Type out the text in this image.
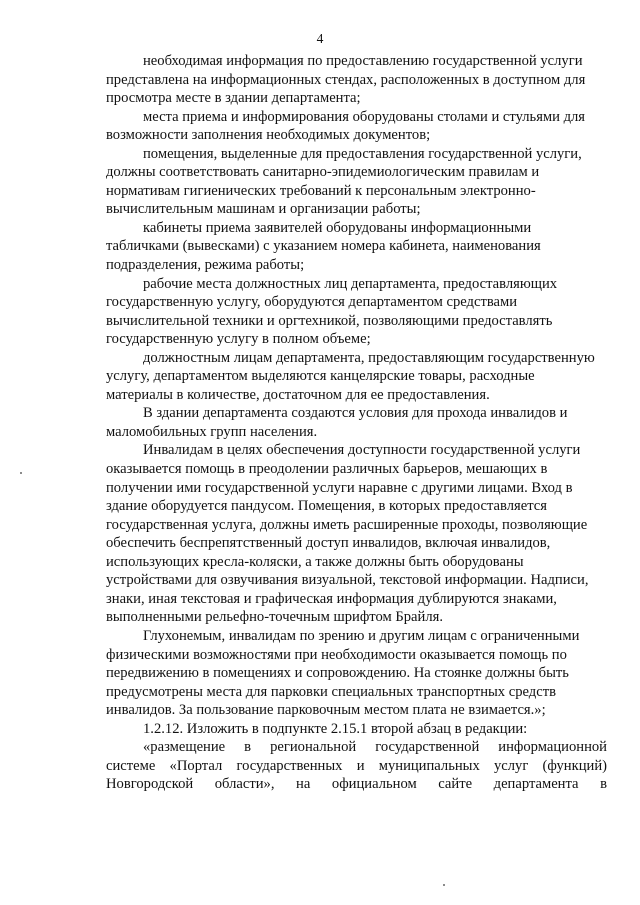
4

необходимая информация по предоставлению государственной услуги
представлена на информационных стендах, расположенных в доступном для
просмотра месте в здании департамента;

места приема и информирования оборудованы столами и стульями для
возможности заполнения необходимых документов;

помещения, выделенные для предоставления государственной услуги,
должны соответствовать санитарно-эпидемиологическим правилам и
нормативам гигиенических требований к персональным электронно-
вычислительным машинам и организации работы;

кабинеты приема заявителей оборудованы информационными
табличками (вывесками) с указанием номера кабинета, наименования
подразделения, режима работы;

рабочие места должностных лиц департамента, предоставляющих
государственную услугу, оборудуются департаментом средствами
вычислительной техники и оргтехникой, позволяющими предоставлять
государственную услугу в полном объеме;

должностным лицам департамента, предоставляющим государственную
услугу, департаментом выделяются канцелярские товары, расходные
материалы в количестве, достаточном для ее предоставления.

В здании департамента создаются условия для прохода инвалидов и
маломобильных групп населения.

Инвалидам в целях обеспечения доступности государственной услуги
оказывается помощь в преодолении различных барьеров, мешающих в
получении ими государственной услуги наравне с другими лицами. Вход в
здание оборудуется пандусом. Помещения, в которых предоставляется
государственная услуга, должны иметь расширенные проходы, позволяющие
обеспечить беспрепятственный доступ инвалидов, включая инвалидов,
использующих кресла-коляски, а также должны быть оборудованы
устройствами для озвучивания визуальной, текстовой информации. Надписи,
знаки, иная текстовая и графическая информация дублируются знаками,
выполненными рельефно-точечным шрифтом Брайля.

Глухонемым, инвалидам по зрению и другим лицам с ограниченными
физическими возможностями при необходимости оказывается помощь по
передвижению в помещениях и сопровождению. На стоянке должны быть
предусмотрены места для парковки специальных транспортных средств
инвалидов. За пользование парковочным местом плата не взимается.»;

1.2.12. Изложить в подпункте 2.15.1 второй абзац в редакции:

«размещение в региональной государственной информационной
системе «Портал государственных и муниципальных услуг (функций)
Новгородской области», на официальном сайте департамента в
